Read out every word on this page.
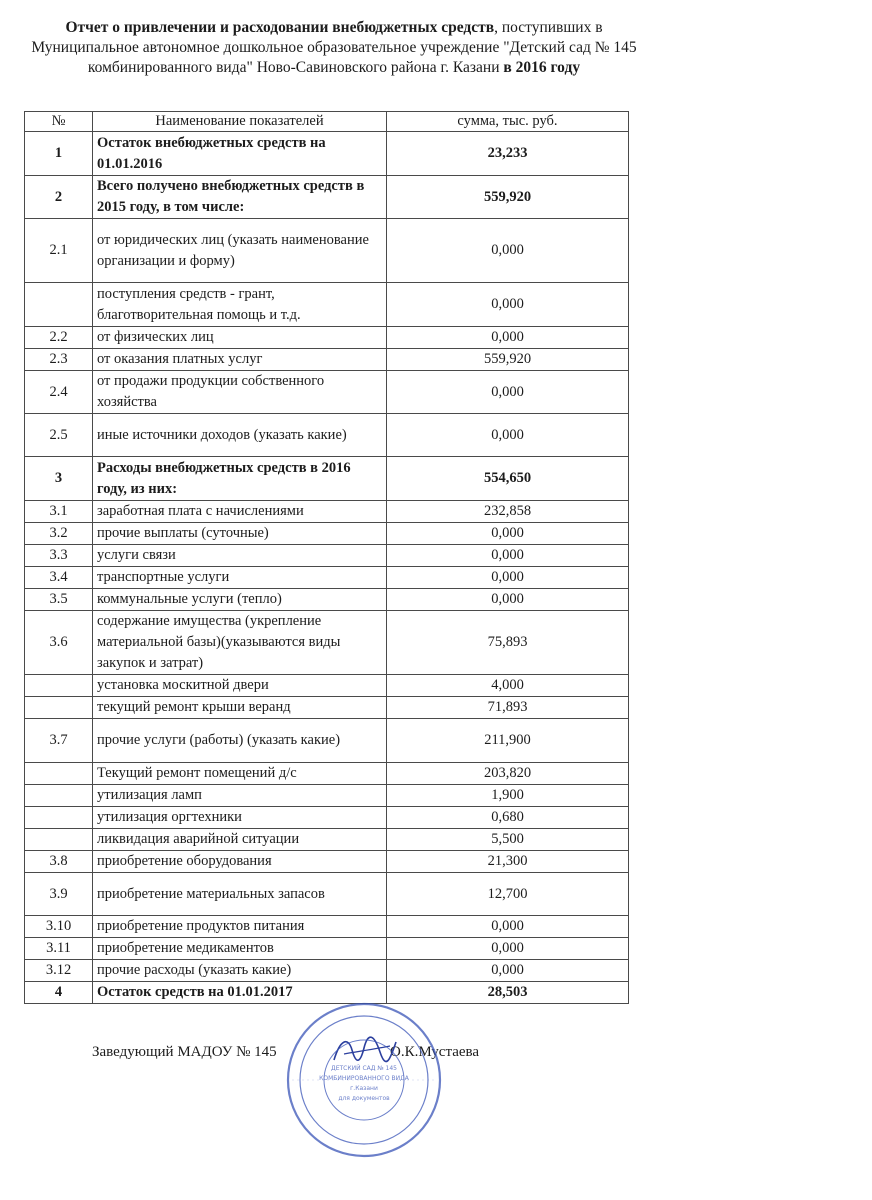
Отчет о привлечении и расходовании внебюджетных средств, поступивших в Муниципальное автономное дошкольное образовательное учреждение "Детский сад № 145 комбинированного вида" Ново-Савиновского района г. Казани в 2016 году
№	Наименование показателей	сумма, тыс. руб.
1	Остаток внебюджетных средств на 01.01.2016	23,233
2	Всего получено внебюджетных средств в 2015 году, в том числе:	559,920
2.1	от юридических лиц (указать наименование организации и форму)	0,000
	поступления средств - грант, благотворительная помощь и т.д.	0,000
2.2	от физических лиц	0,000
2.3	от оказания платных услуг	559,920
2.4	от продажи продукции собственного хозяйства	0,000
2.5	иные источники доходов (указать какие)	0,000
3	Расходы внебюджетных средств в 2016 году, из них:	554,650
3.1	заработная плата с начислениями	232,858
3.2	прочие выплаты (суточные)	0,000
3.3	услуги связи	0,000
3.4	транспортные услуги	0,000
3.5	коммунальные услуги (тепло)	0,000
3.6	содержание имущества (укрепление материальной базы)(указываются виды закупок и затрат)	75,893
	установка москитной двери	4,000
	текущий ремонт крыши веранд	71,893
3.7	прочие услуги (работы) (указать какие)	211,900
	Текущий ремонт помещений д/с	203,820
	утилизация ламп	1,900
	утилизация оргтехники	0,680
	ликвидация аварийной ситуации	5,500
3.8	приобретение оборудования	21,300
3.9	приобретение материальных запасов	12,700
3.10	приобретение продуктов питания	0,000
3.11	приобретение медикаментов	0,000
3.12	прочие расходы (указать какие)	0,000
4	Остаток средств на 01.01.2017	28,503
Заведующий МАДОУ № 145	О.К.Мустаева
ДЕТСКИЙ САД № 145
КОМБИНИРОВАННОГО ВИДА
г.Казани
для документов
